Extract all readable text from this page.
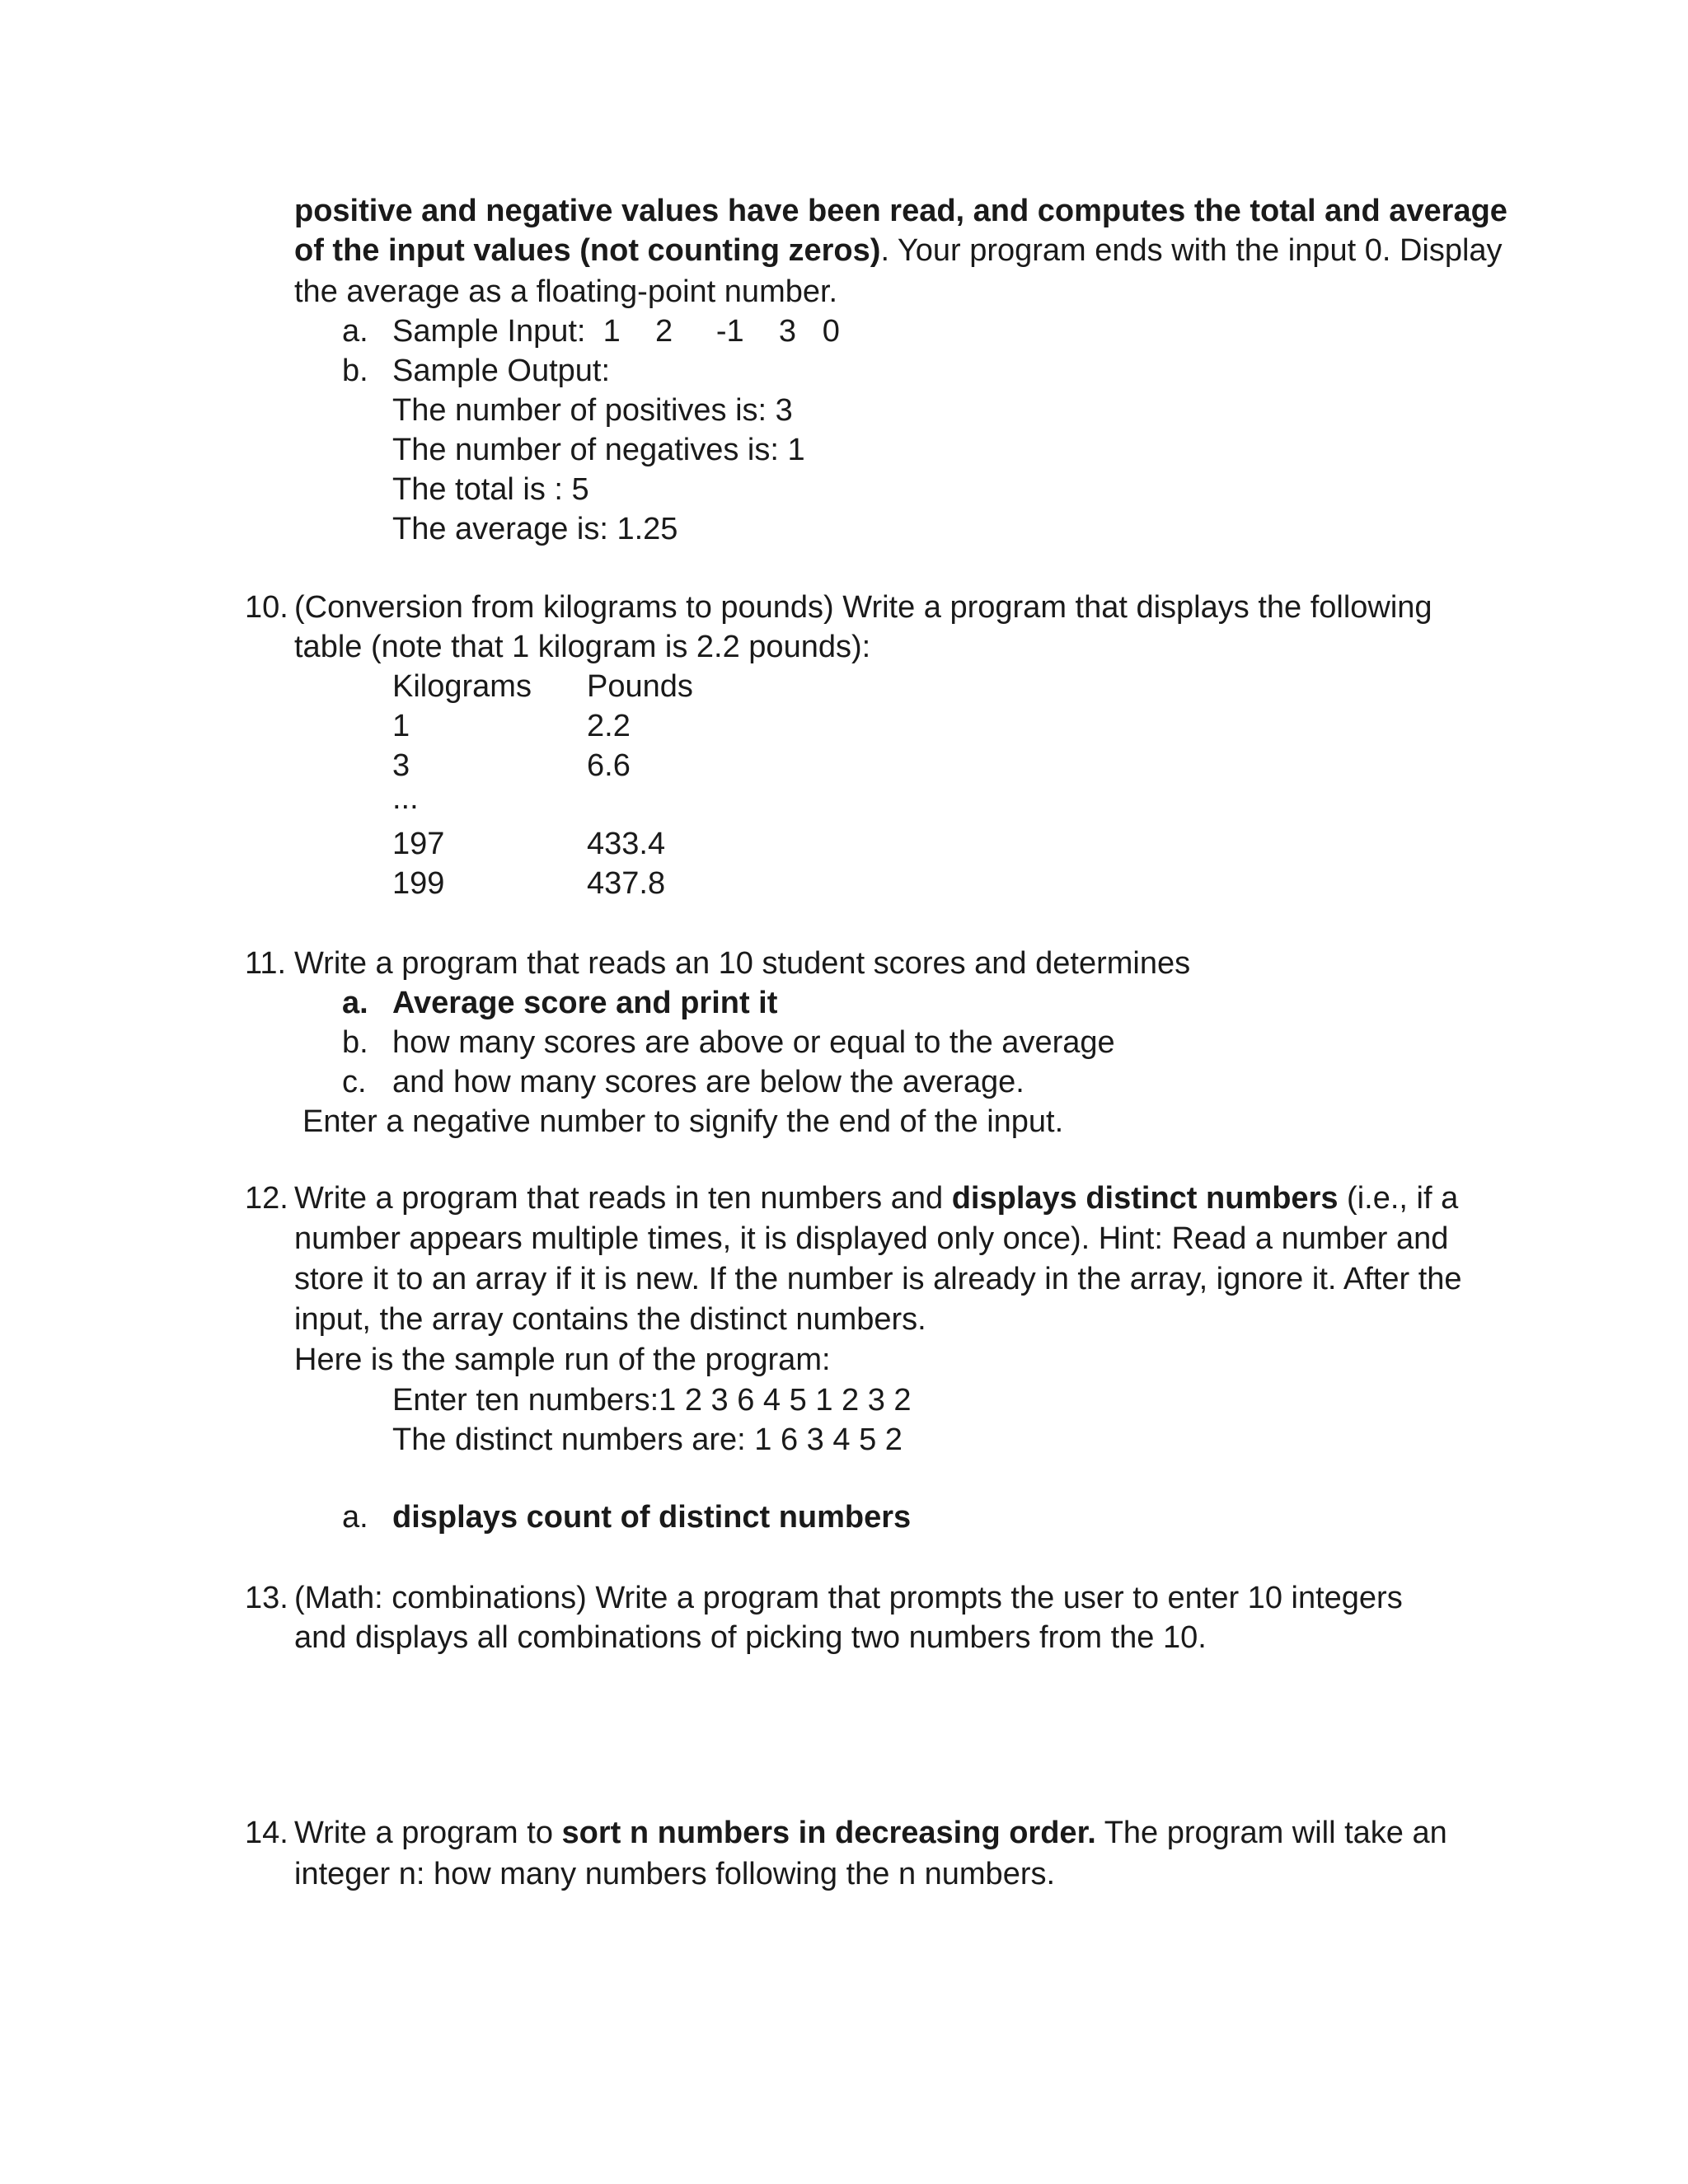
positive and negative values have been read, and computes the total and average
of the input values (not counting zeros). Your program ends with the input 0. Display
the average as a floating-point number.
a. Sample Input:  1    2     -1    3   0
b. Sample Output:
The number of positives is: 3
The number of negatives is: 1
The total is : 5
The average is: 1.25
10. (Conversion from kilograms to pounds) Write a program that displays the following
table (note that 1 kilogram is 2.2 pounds):
Kilograms Pounds
1	2.2
3	6.6
...
197	433.4
199	437.8
11. Write a program that reads an 10 student scores and determines
a. Average score and print it
b. how many scores are above or equal to the average
c. and how many scores are below the average.
Enter a negative number to signify the end of the input.
12. Write a program that reads in ten numbers and displays distinct numbers (i.e., if a
number appears multiple times, it is displayed only once). Hint: Read a number and
store it to an array if it is new. If the number is already in the array, ignore it. After the
input, the array contains the distinct numbers.
Here is the sample run of the program:
Enter ten numbers:1 2 3 6 4 5 1 2 3 2
The distinct numbers are: 1 6 3 4 5 2
a. displays count of distinct numbers
13. (Math: combinations) Write a program that prompts the user to enter 10 integers
and displays all combinations of picking two numbers from the 10.
14. Write a program to sort n numbers in decreasing order. The program will take an
integer n: how many numbers following the n numbers.
